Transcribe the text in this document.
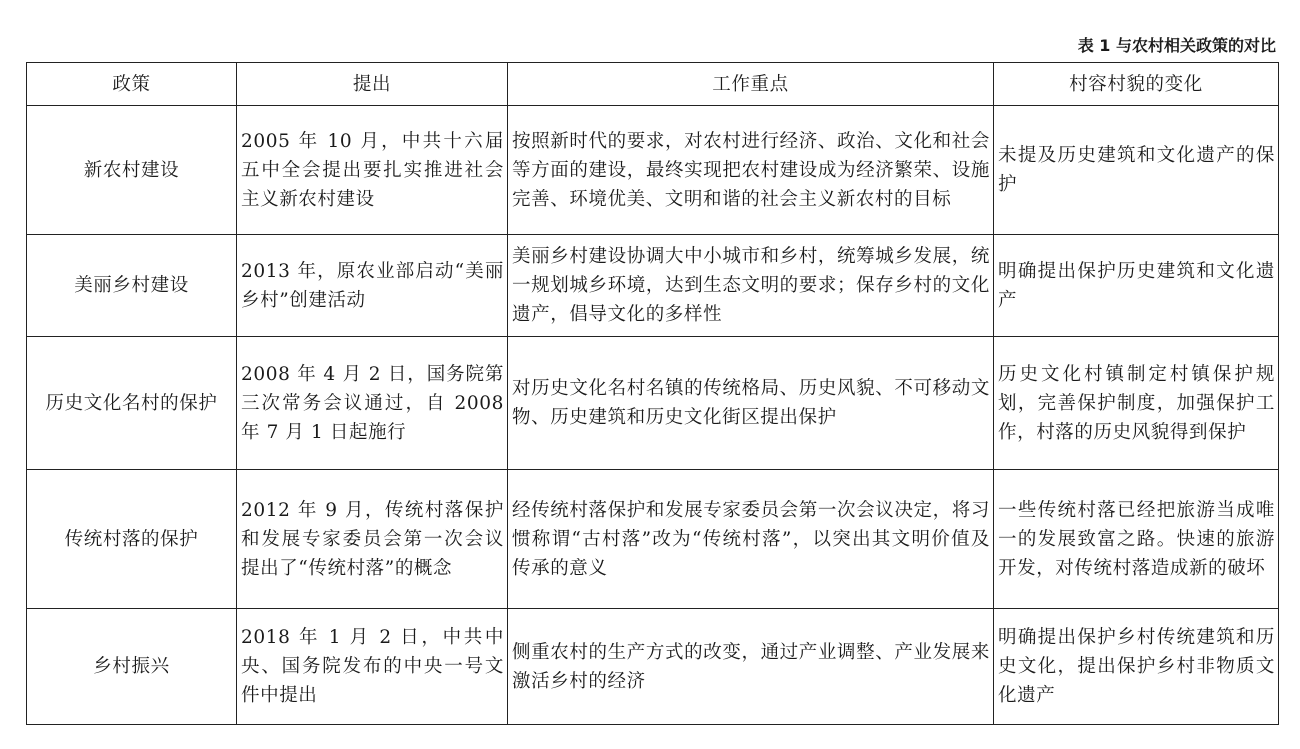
表 1 与农村相关政策的对比
政策	提出	工作重点	村容村貌的变化
新农村建设	2005 年 10 月，中共十六届五中全会提出要扎实推进社会主义新农村建设	按照新时代的要求，对农村进行经济、政治、文化和社会等方面的建设，最终实现把农村建设成为经济繁荣、设施完善、环境优美、文明和谐的社会主义新农村的目标	未提及历史建筑和文化遗产的保护
美丽乡村建设	2013 年，原农业部启动“美丽乡村”创建活动	美丽乡村建设协调大中小城市和乡村，统筹城乡发展，统一规划城乡环境，达到生态文明的要求；保存乡村的文化遗产，倡导文化的多样性	明确提出保护历史建筑和文化遗产
历史文化名村的保护	2008 年 4 月 2 日，国务院第三次常务会议通过，自 2008 年 7 月 1 日起施行	对历史文化名村名镇的传统格局、历史风貌、不可移动文物、历史建筑和历史文化街区提出保护	历史文化村镇制定村镇保护规划，完善保护制度，加强保护工作，村落的历史风貌得到保护
传统村落的保护	2012 年 9 月，传统村落保护和发展专家委员会第一次会议提出了“传统村落”的概念	经传统村落保护和发展专家委员会第一次会议决定，将习惯称谓“古村落”改为“传统村落”，以突出其文明价值及传承的意义	一些传统村落已经把旅游当成唯一的发展致富之路。快速的旅游开发，对传统村落造成新的破坏
乡村振兴	2018 年 1 月 2 日，中共中央、国务院发布的中央一号文件中提出	侧重农村的生产方式的改变，通过产业调整、产业发展来激活乡村的经济	明确提出保护乡村传统建筑和历史文化，提出保护乡村非物质文化遗产
